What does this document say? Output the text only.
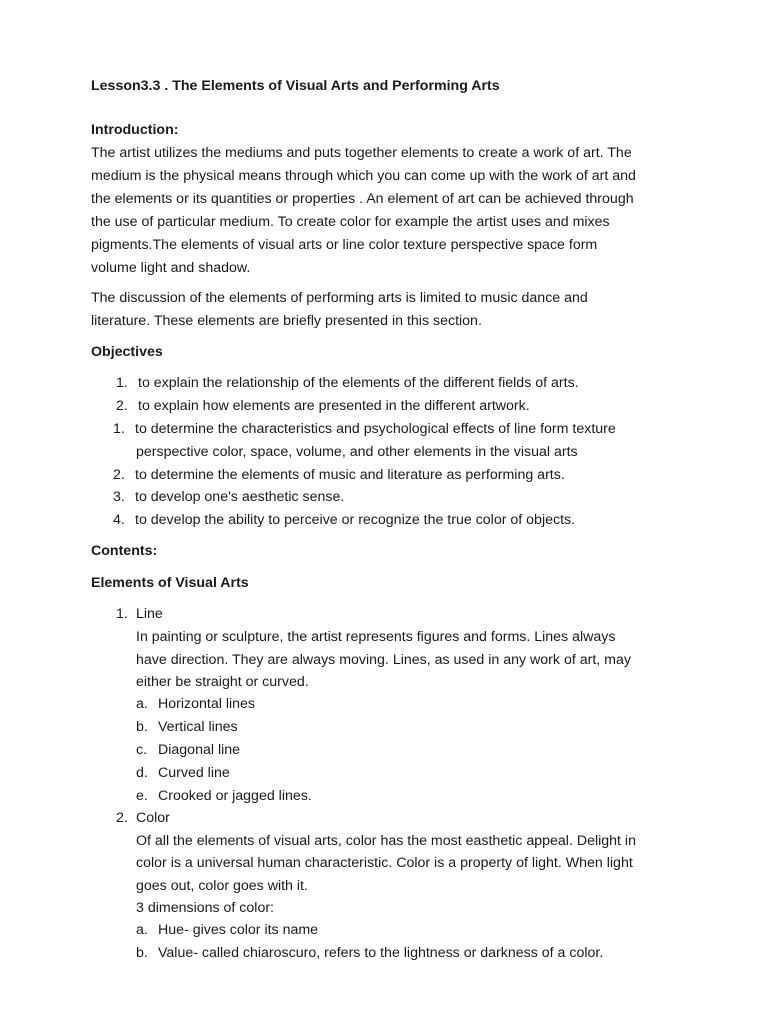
Lesson3.3 . The Elements of Visual Arts and Performing Arts
Introduction:
The artist utilizes the mediums and puts together elements to create a work of art. The
medium is the physical means through which you can come up with the work of art and
the elements or its quantities or properties . An element of art can be achieved through
the use of particular medium. To create color for example the artist uses and mixes
pigments.The elements of visual arts or line color texture perspective space form
volume light and shadow.
The discussion of the elements of performing arts is limited to music dance and
literature. These elements are briefly presented in this section.
Objectives
1. to explain the relationship of the elements of the different fields of arts.
2. to explain how elements are presented in the different artwork.
1. to determine the characteristics and psychological effects of line form texture
perspective color, space, volume, and other elements in the visual arts
2. to determine the elements of music and literature as performing arts.
3. to develop one's aesthetic sense.
4. to develop the ability to perceive or recognize the true color of objects.
Contents:
Elements of Visual Arts
1. Line
In painting or sculpture, the artist represents figures and forms. Lines always
have direction. They are always moving. Lines, as used in any work of art, may
either be straight or curved.
a. Horizontal lines
b. Vertical lines
c. Diagonal line
d. Curved line
e. Crooked or jagged lines.
2. Color
Of all the elements of visual arts, color has the most easthetic appeal. Delight in
color is a universal human characteristic. Color is a property of light. When light
goes out, color goes with it.
3 dimensions of color:
a. Hue- gives color its name
b. Value- called chiaroscuro, refers to the lightness or darkness of a color.
